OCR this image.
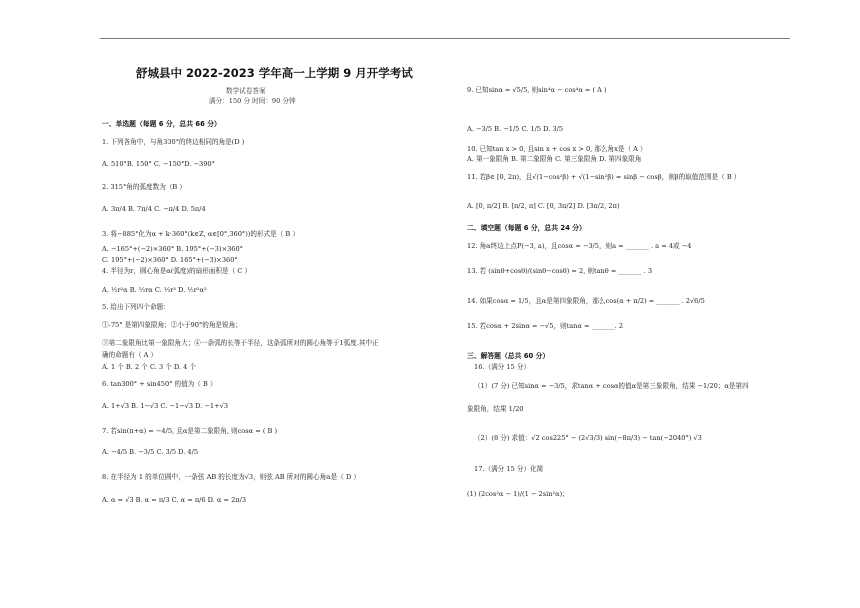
舒城县中 2022-2023 学年高一上学期 9 月开学考试
数学试卷答案
满分：150 分 时间：90 分钟
一、单选题（每题 6 分，总共 66 分）
1. 下列各角中，与角330°的终边相同的角是(D )
A. 510°B. 150° C. −150°D. −390°
2. 315°角的弧度数为（B ）
A. 3π/4 B. 7π/4 C. −π/4 D. 5π/4
3. 将−885°化为α + k·360°(k∈Z, α∈[0°,360°))的形式是（ B ）
A. −165°+(−2)×360° B. 195°+(−3)×360°
C. 195°+(−2)×360° D. 165°+(−3)×360°
4. 半径为r，圆心角是α(弧度)的扇形面积是（ C ）
A. ½r²α B. ½rα C. ½r² D. ½r²α²
5. 给出下列四个命题：
①-75° 是第四象限角；②小于90°的角是锐角；
③第二象限角比第一象限角大；④一条弧的长等于半径，这条弧所对的圆心角等于1弧度.其中正
确的命题有（ A ）
A. 1 个 B. 2 个 C. 3 个 D. 4 个
6. tan300° + sin450° 的值为（ B ）
A. 1+√3 B. 1−√3 C. −1−√3 D. −1+√3
7. 若sin(π+α) = −4/5, 且α是第二象限角, 则cosα = ( B )
A. −4/5 B. −3/5 C. 3/5 D. 4/5
8. 在半径为 1 的单位圆中，一条弦 AB 的长度为√3，则弦 AB 所对的圆心角α是（ D ）
A. α = √3 B. α = π/3 C. α = π/6 D. α = 2π/3
9. 已知sinα = √5/5, 则sin⁴α − cos⁴α = ( A )
A. −3/5 B. −1/5 C. 1/5 D. 3/5
10. 已知tan x > 0, 且sin x + cos x > 0, 那么角x是（ A ）
A. 第一象限角 B. 第二象限角 C. 第三象限角 D. 第四象限角
11. 若β∈ [0, 2π)，且√(1−cos²β) + √(1−sin²β) = sinβ − cosβ，则β的取值范围是（ B ）
A. [0, π/2] B. [π/2, π] C. [0, 3π/2] D. [3π/2, 2π)
二、填空题（每题 6 分，总共 24 分）
12. 角α终边上点P(−3, a)，且cosα = −3/5，则a = _______ . a = 4或 −4
13. 若 (sinθ+cosθ)/(sinθ−cosθ) = 2, 则tanθ = _______ . 3
14. 如果cosα = 1/5，且α是第四象限角，那么cos(α + π/2) = _______ . 2√6/5
15. 若cosα + 2sinα = −√5，则tanα = _______. 2
三、解答题（总共 60 分）
16.（满分 15 分）
（1）(7 分) 已知sinα = −3/5，求tanα + cosα的值α是第三象限角，结果 −1/20；α是第四
象限角，结果 1/20
（2）(8 分) 求值：√2 cos225° − (2√3/3) sin(−8π/3) − tan(−2040°) √3
17.（满分 15 分）化简
(1) (2cos²α − 1)/(1 − 2sin²α)；
